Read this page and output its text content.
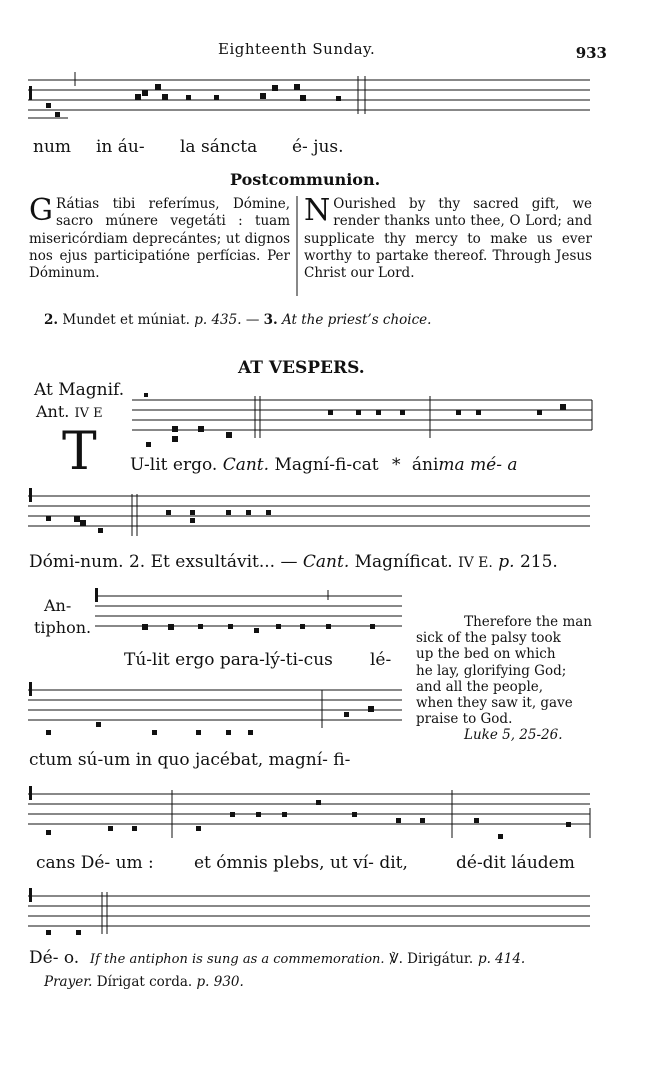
Eighteenth Sunday.	933
num in áu- la sáncta é- jus.
Postcommunion.

G Rátias tibi referímus, Dómine, sacro múnere vegetáti : tuam misericórdiam deprecántes; ut dignos nos ejus participatióne perfícias. Per Dóminum.

N Ourished by thy sacred gift, we render thanks unto thee, O Lord; and supplicate thy mercy to make us ever worthy to partake thereof. Through Jesus Christ our Lord.

2. Mundet et múniat. p. 435. — 3. At the priest’s choice.
AT VESPERS.
At Magnif.
Ant. IV E
T U-lit ergo. Cant. Magní-fi-cat * ánima mé- a
Dómi-num. 2. Et exsultávit... — Cant. Magníficat. IV E. p. 215.
An-
tiphon.
Tú-lit ergo para-lý-ti-cus lé-
ctum sú-um in quo jacébat, magní- fi-
Therefore the man
sick of the palsy took
up the bed on which
he lay, glorifying God;
and all the people,
when they saw it, gave
praise to God.
Luke 5, 25-26.
cans Dé- um : et ómnis plebs, ut ví- dit,	dé-dit láudem
Dé- o. If the antiphon is sung as a commemoration. ℣. Dirigátur. p. 414.
Prayer. Dírigat corda. p. 930.
